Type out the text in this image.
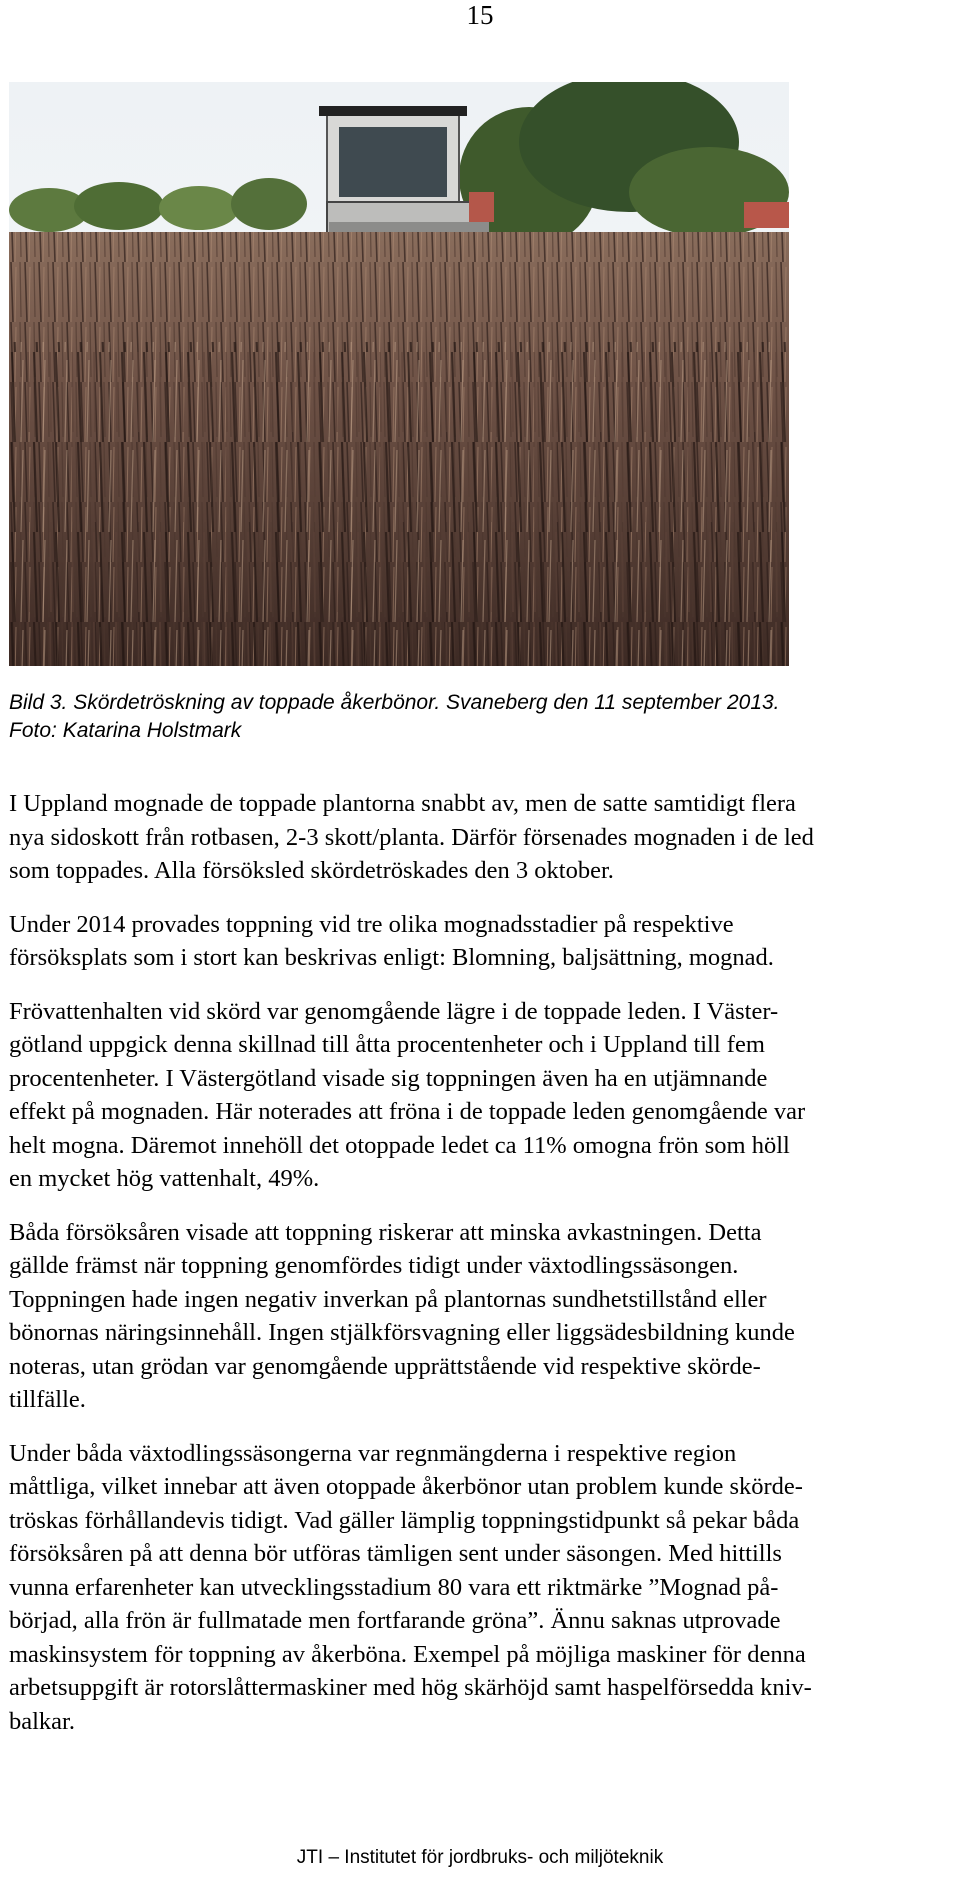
15
Bild 3. Skördetröskning av toppade åkerbönor. Svaneberg den 11 september 2013.
Foto: Katarina Holstmark

I Uppland mognade de toppade plantorna snabbt av, men de satte samtidigt flera
nya sidoskott från rotbasen, 2-3 skott/planta. Därför försenades mognaden i de led
som toppades. Alla försöksled skördetröskades den 3 oktober.

Under 2014 provades toppning vid tre olika mognadsstadier på respektive
försöksplats som i stort kan beskrivas enligt: Blomning, baljsättning, mognad.

Frövattenhalten vid skörd var genomgående lägre i de toppade leden. I Väster-
götland uppgick denna skillnad till åtta procentenheter och i Uppland till fem
procentenheter. I Västergötland visade sig toppningen även ha en utjämnande
effekt på mognaden. Här noterades att fröna i de toppade leden genomgående var
helt mogna. Däremot innehöll det otoppade ledet ca 11% omogna frön som höll
en mycket hög vattenhalt, 49%.

Båda försöksåren visade att toppning riskerar att minska avkastningen. Detta
gällde främst när toppning genomfördes tidigt under växtodlingssäsongen.
Toppningen hade ingen negativ inverkan på plantornas sundhetstillstånd eller
bönornas näringsinnehåll. Ingen stjälkförsvagning eller liggsädesbildning kunde
noteras, utan grödan var genomgående upprättstående vid respektive skörde-
tillfälle.

Under båda växtodlingssäsongerna var regnmängderna i respektive region
måttliga, vilket innebar att även otoppade åkerbönor utan problem kunde skörde-
tröskas förhållandevis tidigt. Vad gäller lämplig toppningstidpunkt så pekar båda
försöksåren på att denna bör utföras tämligen sent under säsongen. Med hittills
vunna erfarenheter kan utvecklingsstadium 80 vara ett riktmärke ”Mognad på-
börjad, alla frön är fullmatade men fortfarande gröna”. Ännu saknas utprovade
maskinsystem för toppning av åkerböna. Exempel på möjliga maskiner för denna
arbetsuppgift är rotorslåttermaskiner med hög skärhöjd samt haspelförsedda kniv-
balkar.

JTI – Institutet för jordbruks- och miljöteknik
